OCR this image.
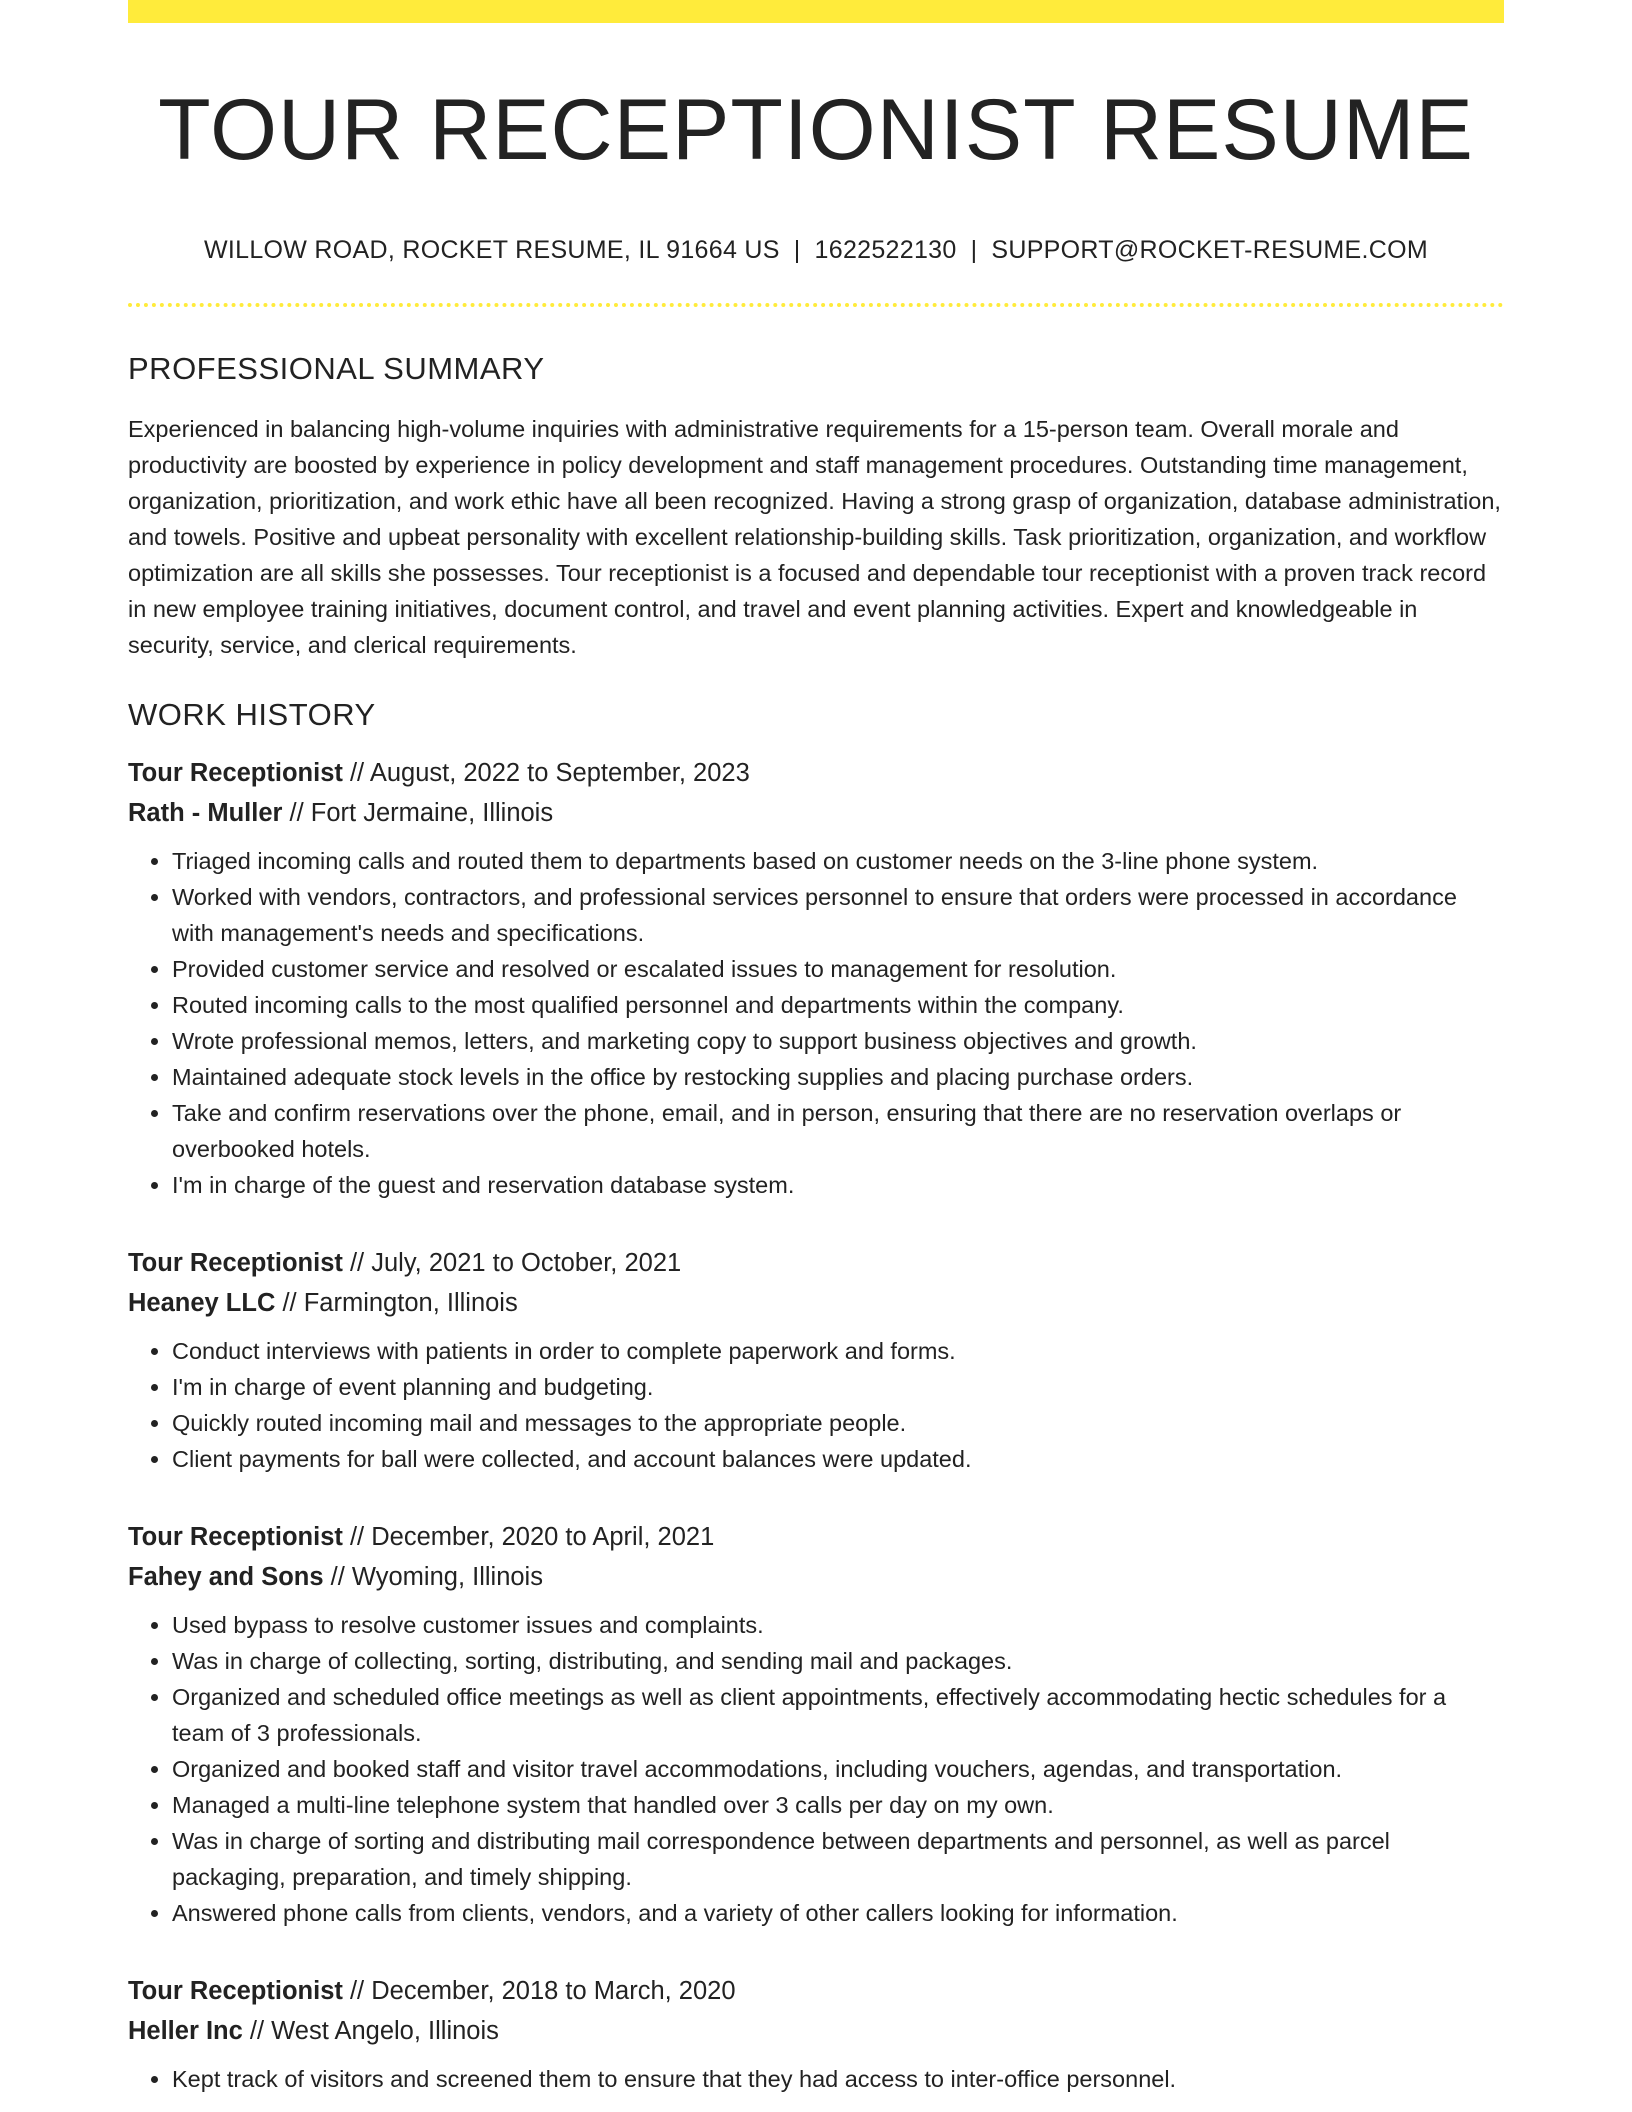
TOUR RECEPTIONIST RESUME
WILLOW ROAD, ROCKET RESUME, IL 91664 US | 1622522130 | SUPPORT@ROCKET-RESUME.COM
PROFESSIONAL SUMMARY
Experienced in balancing high-volume inquiries with administrative requirements for a 15-person team. Overall morale and productivity are boosted by experience in policy development and staff management procedures. Outstanding time management, organization, prioritization, and work ethic have all been recognized. Having a strong grasp of organization, database administration, and towels. Positive and upbeat personality with excellent relationship-building skills. Task prioritization, organization, and workflow optimization are all skills she possesses. Tour receptionist is a focused and dependable tour receptionist with a proven track record in new employee training initiatives, document control, and travel and event planning activities. Expert and knowledgeable in security, service, and clerical requirements.
WORK HISTORY
Tour Receptionist // August, 2022 to September, 2023
Rath - Muller // Fort Jermaine, Illinois
• Triaged incoming calls and routed them to departments based on customer needs on the 3-line phone system.
• Worked with vendors, contractors, and professional services personnel to ensure that orders were processed in accordance with management's needs and specifications.
• Provided customer service and resolved or escalated issues to management for resolution.
• Routed incoming calls to the most qualified personnel and departments within the company.
• Wrote professional memos, letters, and marketing copy to support business objectives and growth.
• Maintained adequate stock levels in the office by restocking supplies and placing purchase orders.
• Take and confirm reservations over the phone, email, and in person, ensuring that there are no reservation overlaps or overbooked hotels.
• I'm in charge of the guest and reservation database system.
Tour Receptionist // July, 2021 to October, 2021
Heaney LLC // Farmington, Illinois
• Conduct interviews with patients in order to complete paperwork and forms.
• I'm in charge of event planning and budgeting.
• Quickly routed incoming mail and messages to the appropriate people.
• Client payments for ball were collected, and account balances were updated.
Tour Receptionist // December, 2020 to April, 2021
Fahey and Sons // Wyoming, Illinois
• Used bypass to resolve customer issues and complaints.
• Was in charge of collecting, sorting, distributing, and sending mail and packages.
• Organized and scheduled office meetings as well as client appointments, effectively accommodating hectic schedules for a team of 3 professionals.
• Organized and booked staff and visitor travel accommodations, including vouchers, agendas, and transportation.
• Managed a multi-line telephone system that handled over 3 calls per day on my own.
• Was in charge of sorting and distributing mail correspondence between departments and personnel, as well as parcel packaging, preparation, and timely shipping.
• Answered phone calls from clients, vendors, and a variety of other callers looking for information.
Tour Receptionist // December, 2018 to March, 2020
Heller Inc // West Angelo, Illinois
• Kept track of visitors and screened them to ensure that they had access to inter-office personnel.
